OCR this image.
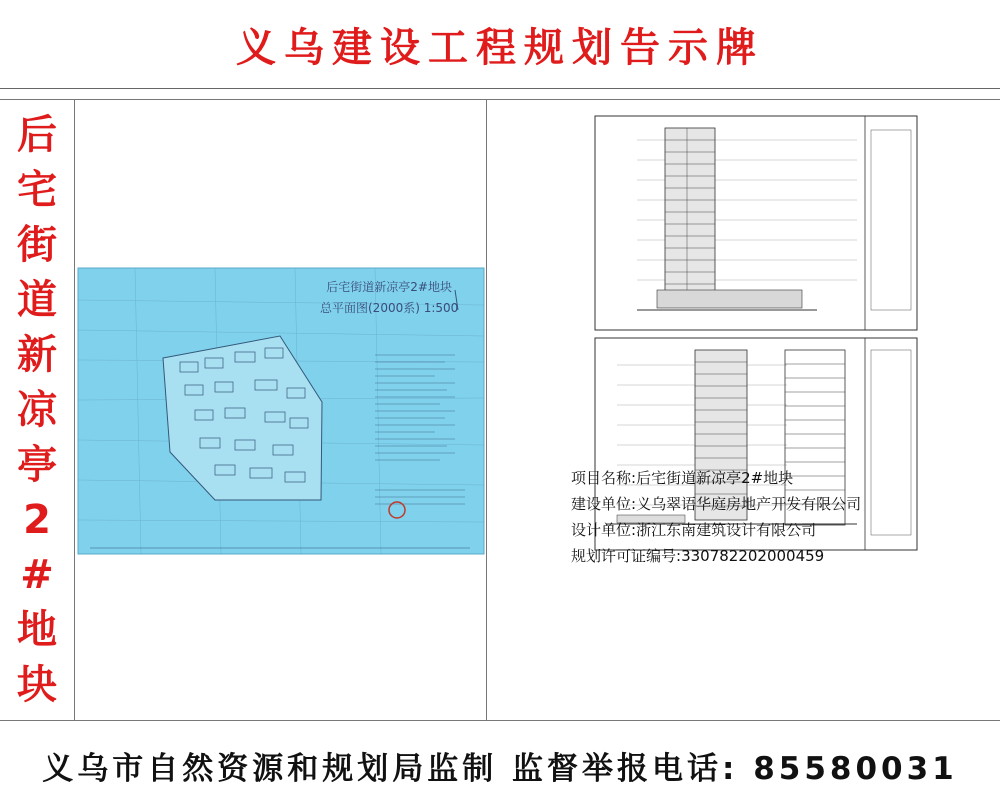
义乌建设工程规划告示牌
后
宅
街
道
新
凉
亭
2
#
地
块
后宅街道新凉亭2#地块
总平面图(2000系) 1:500
项目名称:后宅街道新凉亭2#地块
建设单位:义乌翠语华庭房地产开发有限公司
设计单位:浙江东南建筑设计有限公司
规划许可证编号:330782202000459
义乌市自然资源和规划局监制 监督举报电话: 85580031
